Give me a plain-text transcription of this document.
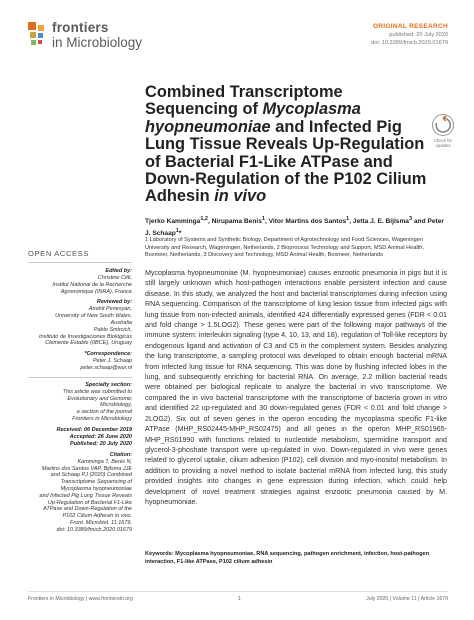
frontiers
in Microbiology
ORIGINAL RESEARCH
published: 20 July 2020
doi: 10.3389/fmicb.2020.01679
Check for updates
Combined Transcriptome Sequencing of Mycoplasma hyopneumoniae and Infected Pig Lung Tissue Reveals Up-Regulation of Bacterial F1-Like ATPase and Down-Regulation of the P102 Cilium Adhesin in vivo
Tjerko Kamminga$^{1,2}$, Nirupama Benis$^1$, Vitor Martins dos Santos$^1$, Jetta J. E. Bijlsma$^3$ and Peter J. Schaap$^1$*
1 Laboratory of Systems and Synthetic Biology, Department of Agrotechnology and Food Sciences, Wageningen University and Research, Wageningen, Netherlands, 2 Bioprocess Technology and Support, MSD Animal Health, Boxmeer, Netherlands, 3 Discovery and Technology, MSD Animal Health, Boxmeer, Netherlands
OPEN ACCESS
Edited by:
Christine Citti,
Institut National de la Recherche
Agronomique (INRA), France
Reviewed by:
Anahit Penesyan,
University of New South Wales,
Australia
Pablo Smircich,
Instituto de Investigaciones Biológicas
Clemente Estable (IIBCE), Uruguay
*Correspondence:
Peter J. Schaap
peter.schaap@wur.nl
Specialty section:
This article was submitted to
Evolutionary and Genomic
Microbiology,
a section of the journal
Frontiers in Microbiology
Received: 06 December 2019
Accepted: 26 June 2020
Published: 20 July 2020
Citation:
Kamminga T, Benis N,
Martins dos Santos VAP, Bijlsma JJE
and Schaap PJ (2020) Combined
Transcriptome Sequencing of
Mycoplasma hyopneumoniae
and Infected Pig Lung Tissue Reveals
Up-Regulation of Bacterial F1-Like
ATPase and Down-Regulation of the
P102 Cilium Adhesin in vivo.
Front. Microbiol. 11:1679.
doi: 10.3389/fmicb.2020.01679
Mycoplasma hyopneumoniae (M. hyopneumoniae) causes enzootic pneumonia in pigs but it is still largely unknown which host-pathogen interactions enable persistent infection and cause disease. In this study, we analyzed the host and bacterial transcriptomes during infection using RNA sequencing. Comparison of the transcriptome of lung lesion tissue from infected pigs with lung tissue from non-infected animals, identified 424 differentially expressed genes (FDR < 0.01 and fold change > 1.5LOG2). These genes were part of the following major pathways of the immune system: interleukin signaling (type 4, 10, 13, and 18), regulation of Toll-like receptors by endogenous ligand and activation of C3 and C5 in the complement system. Besides analyzing the lung transcriptome, a sampling protocol was developed to obtain enough bacterial mRNA from infected lung tissue for RNA sequencing. This was done by flushing infected lobes in the lung, and subsequently enriching for bacterial RNA. On average, 2.2 million bacterial reads were obtained per biological replicate to analyze the bacterial in vivo transcriptome. We compared the in vivo bacterial transcriptome with the transcriptome of bacteria grown in vitro and identified 22 up-regulated and 30 down-regulated genes (FDR < 0.01 and fold change > 2LOG2). Six out of seven genes in the operon encoding the mycoplasma specific F1-like ATPase (MHP_RS02445-MHP_RS02475) and all genes in the operon MHP_RS01965-MHP_RS01990 with functions related to nucleotide metabolism, spermidine transport and glycerol-3-phoshate transport were up-regulated in vivo. Down-regulated in vivo were genes related to glycerol uptake, cilium adhesion (P102), cell division and myo-inositol metabolism. In addition to providing a novel method to isolate bacterial mRNA from infected lung, this study provided insights into changes in gene expression during infection, which could help development of novel treatment strategies against enzootic pneumonia caused by M. hyopneumoniae.
Keywords: Mycoplasma hyopneumoniae, RNA sequencing, pathogen enrichment, infection, host-pathogen interaction, F1-like ATPase, P102 cilium adhesin
Frontiers in Microbiology | www.frontiersin.org	1	July 2020 | Volume 11 | Article 1679
